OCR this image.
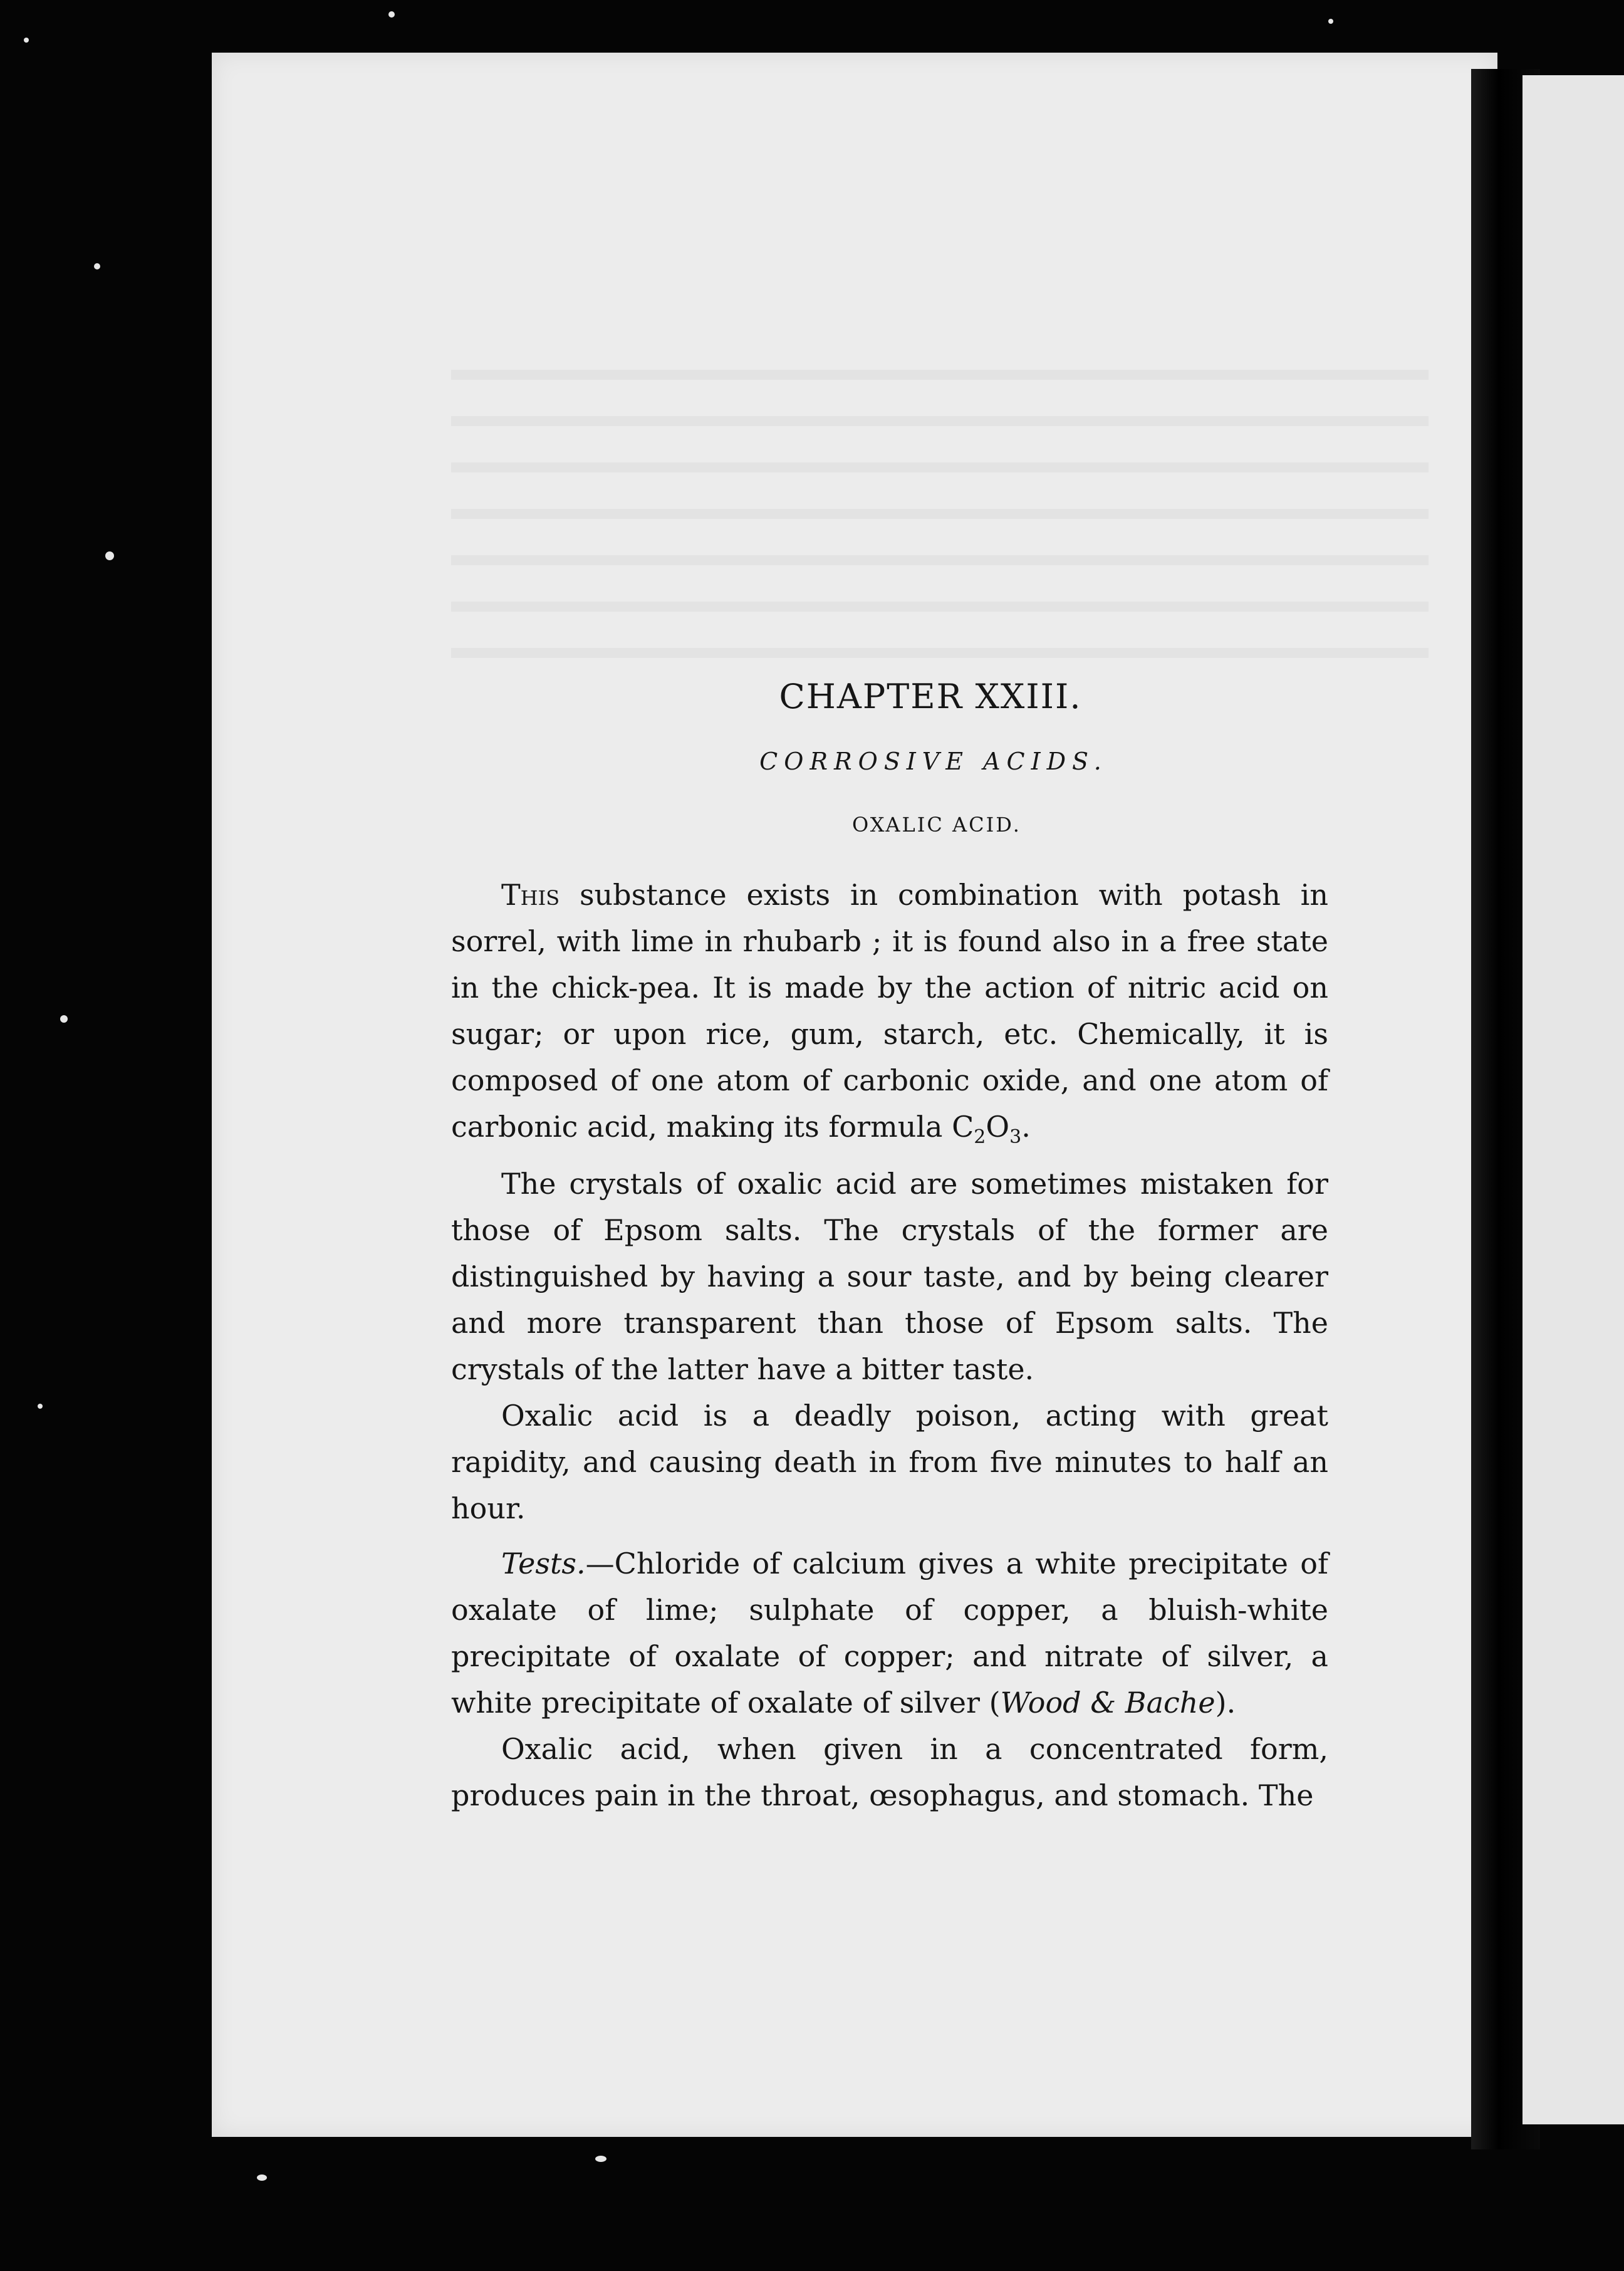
CHAPTER XXIII.
CORROSIVE ACIDS.
OXALIC ACID.

This substance exists in combination with potash in sorrel, with lime in rhubarb ; it is found also in a free state in the chick-pea. It is made by the action of nitric acid on sugar; or upon rice, gum, starch, etc. Chemically, it is composed of one atom of carbonic oxide, and one atom of carbonic acid, making its formula $C_2O_3$.

The crystals of oxalic acid are sometimes mistaken for those of Epsom salts. The crystals of the former are distinguished by having a sour taste, and by being clearer and more transparent than those of Epsom salts. The crystals of the latter have a bitter taste.

Oxalic acid is a deadly poison, acting with great rapidity, and causing death in from five minutes to half an hour.

Tests.—Chloride of calcium gives a white precipitate of oxalate of lime; sulphate of copper, a bluish-white precipitate of oxalate of copper; and nitrate of silver, a white precipitate of oxalate of silver (Wood & Bache).

Oxalic acid, when given in a concentrated form, produces pain in the throat, œsophagus, and stomach. The
